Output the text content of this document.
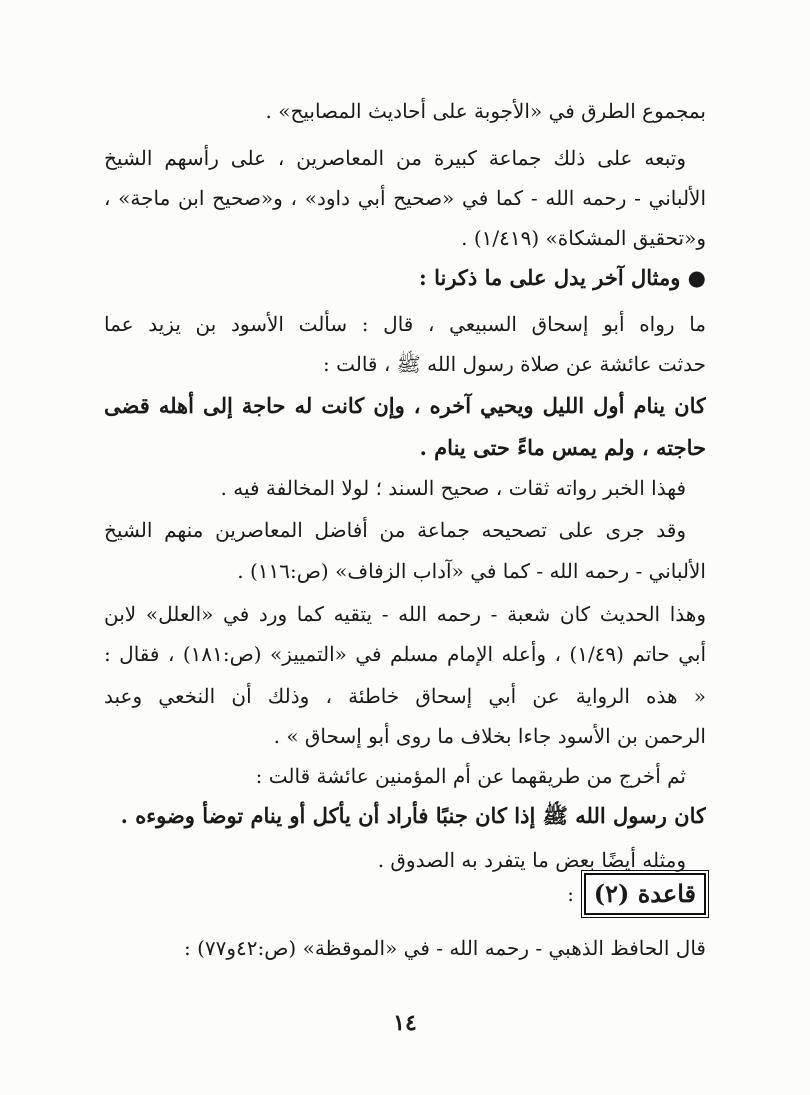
بمجموع الطرق في «الأجوبة على أحاديث المصابيح» .
وتبعه على ذلك جماعة كبيرة من المعاصرين ، على رأسهم الشيخ
الألباني - رحمه الله - كما في «صحيح أبي داود» ، و«صحيح ابن ماجة» ،
و«تحقيق المشكاة» (١/٤١٩) .
● ومثال آخر يدل على ما ذكرنا :
ما رواه أبو إسحاق السبيعي ، قال : سألت الأسود بن يزيد عما
حدثت عائشة عن صلاة رسول الله ﷺ ، قالت :
كان ينام أول الليل ويحيي آخره ، وإن كانت له حاجة إلى أهله قضى
حاجته ، ولم يمس ماءً حتى ينام .
فهذا الخبر رواته ثقات ، صحيح السند ؛ لولا المخالفة فيه .
وقد جرى على تصحيحه جماعة من أفاضل المعاصرين منهم الشيخ
الألباني - رحمه الله - كما في «آداب الزفاف» (ص:١١٦) .
وهذا الحديث كان شعبة - رحمه الله - يتقيه كما ورد في «العلل» لابن
أبي حاتم (١/٤٩) ، وأعله الإمام مسلم في «التمييز» (ص:١٨١) ، فقال :
« هذه الرواية عن أبي إسحاق خاطئة ، وذلك أن النخعي وعبد
الرحمن بن الأسود جاءا بخلاف ما روى أبو إسحاق » .
ثم أخرج من طريقهما عن أم المؤمنين عائشة قالت :
كان رسول الله ﷺ إذا كان جنبًا فأراد أن يأكل أو ينام توضأ وضوءه .
ومثله أيضًا بعض ما يتفرد به الصدوق .
قاعدة (٢)
:
قال الحافظ الذهبي - رحمه الله - في «الموقظة» (ص:٤٢و٧٧) :
١٤
